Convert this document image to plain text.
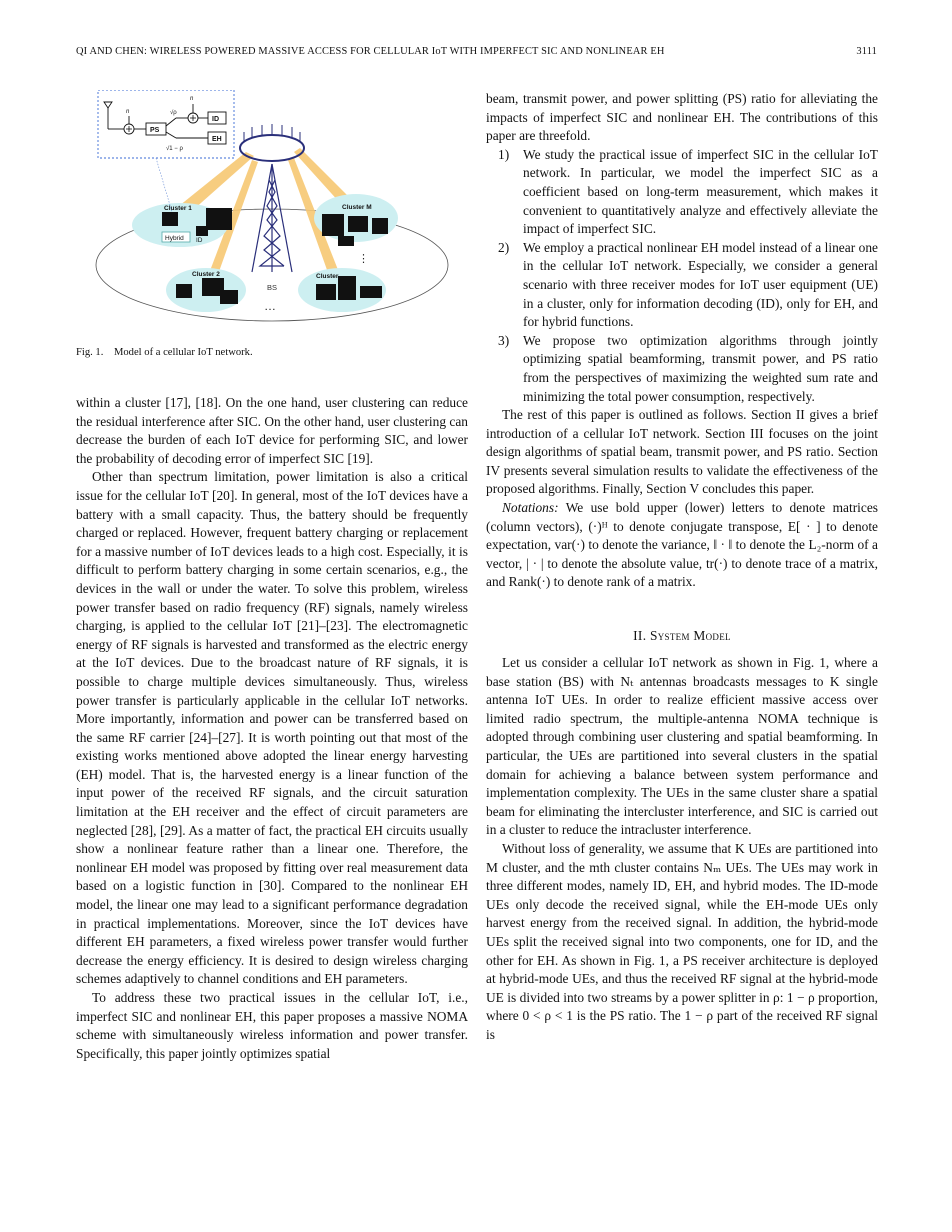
QI AND CHEN: WIRELESS POWERED MASSIVE ACCESS FOR CELLULAR IoT WITH IMPERFECT SIC AND NONLINEAR EH	3111
BS
…
⋮
Cluster 1	Cluster M
Cluster 2	Cluster
Hybrid ID
PS
ID
EH
√ρ
√1 − ρ
n
n
Fig. 1. Model of a cellular IoT network.

within a cluster [17], [18]. On the one hand, user clustering can reduce the residual interference after SIC. On the other hand, user clustering can decrease the burden of each IoT device for performing SIC, and lower the probability of decoding error of imperfect SIC [19].

Other than spectrum limitation, power limitation is also a critical issue for the cellular IoT [20]. In general, most of the IoT devices have a battery with a small capacity. Thus, the battery should be frequently charged or replaced. However, frequent battery charging or replacement for a massive number of IoT devices leads to a high cost. Especially, it is difficult to perform battery charging in some certain scenarios, e.g., the devices in the wall or under the water. To solve this problem, wireless power transfer based on radio frequency (RF) signals, namely wireless charging, is applied to the cellular IoT [21]–[23]. The electromagnetic energy of RF signals is harvested and transformed as the electric energy at the IoT devices. Due to the broadcast nature of RF signals, it is possible to charge multiple devices simultaneously. Thus, wireless power transfer is particularly applicable in the cellular IoT networks. More importantly, information and power can be transferred based on the same RF carrier [24]–[27]. It is worth pointing out that most of the existing works mentioned above adopted the linear energy harvesting (EH) model. That is, the harvested energy is a linear function of the input power of the received RF signals, and the circuit saturation limitation at the EH receiver and the effect of circuit parameters are neglected [28], [29]. As a matter of fact, the practical EH circuits usually show a nonlinear feature rather than a linear one. Therefore, the nonlinear EH model was proposed by fitting over real measurement data based on a logistic function in [30]. Compared to the nonlinear EH model, the linear one may lead to a significant performance degradation in practical implementations. Moreover, since the IoT devices have different EH parameters, a fixed wireless power transfer would further decrease the energy efficiency. It is desired to design wireless charging schemes adaptively to channel conditions and EH parameters.

To address these two practical issues in the cellular IoT, i.e., imperfect SIC and nonlinear EH, this paper proposes a massive NOMA scheme with simultaneously wireless information and power transfer. Specifically, this paper jointly optimizes spatial

beam, transmit power, and power splitting (PS) ratio for alleviating the impacts of imperfect SIC and nonlinear EH. The contributions of this paper are threefold.

1) We study the practical issue of imperfect SIC in the cellular IoT network. In particular, we model the imperfect SIC as a coefficient based on long-term measurement, which makes it convenient to quantitatively analyze and effectively alleviate the impact of imperfect SIC.
2) We employ a practical nonlinear EH model instead of a linear one in the cellular IoT network. Especially, we consider a general scenario with three receiver modes for IoT user equipment (UE) in a cluster, only for information decoding (ID), only for EH, and for hybrid functions.
3) We propose two optimization algorithms through jointly optimizing spatial beamforming, transmit power, and PS ratio from the perspectives of maximizing the weighted sum rate and minimizing the total power consumption, respectively.

The rest of this paper is outlined as follows. Section II gives a brief introduction of a cellular IoT network. Section III focuses on the joint design algorithms of spatial beam, transmit power, and PS ratio. Section IV presents several simulation results to validate the effectiveness of the proposed algorithms. Finally, Section V concludes this paper.

Notations: We use bold upper (lower) letters to denote matrices (column vectors), (·)ᴴ to denote conjugate transpose, E[ · ] to denote expectation, var(·) to denote the variance, ‖ · ‖ to denote the L₂-norm of a vector, | · | to denote the absolute value, tr(·) to denote trace of a matrix, and Rank(·) to denote rank of a matrix.

II. System Model

Let us consider a cellular IoT network as shown in Fig. 1, where a base station (BS) with Nₜ antennas broadcasts messages to K single antenna IoT UEs. In order to realize efficient massive access over limited radio spectrum, the multiple-antenna NOMA technique is adopted through combining user clustering and spatial beamforming. In particular, the UEs are partitioned into several clusters in the spatial domain for achieving a balance between system performance and implementation complexity. The UEs in the same cluster share a spatial beam for eliminating the intercluster interference, and SIC is carried out in a cluster to reduce the intracluster interference.

Without loss of generality, we assume that K UEs are partitioned into M cluster, and the mth cluster contains Nₘ UEs. The UEs may work in three different modes, namely ID, EH, and hybrid modes. The ID-mode UEs only decode the received signal, while the EH-mode UEs only harvest energy from the received signal. In addition, the hybrid-mode UEs split the received signal into two components, one for ID, and the other for EH. As shown in Fig. 1, a PS receiver architecture is deployed at hybrid-mode UEs, and thus the received RF signal at the hybrid-mode UE is divided into two streams by a power splitter in ρ: 1 − ρ proportion, where 0 < ρ < 1 is the PS ratio. The 1 − ρ part of the received RF signal is
